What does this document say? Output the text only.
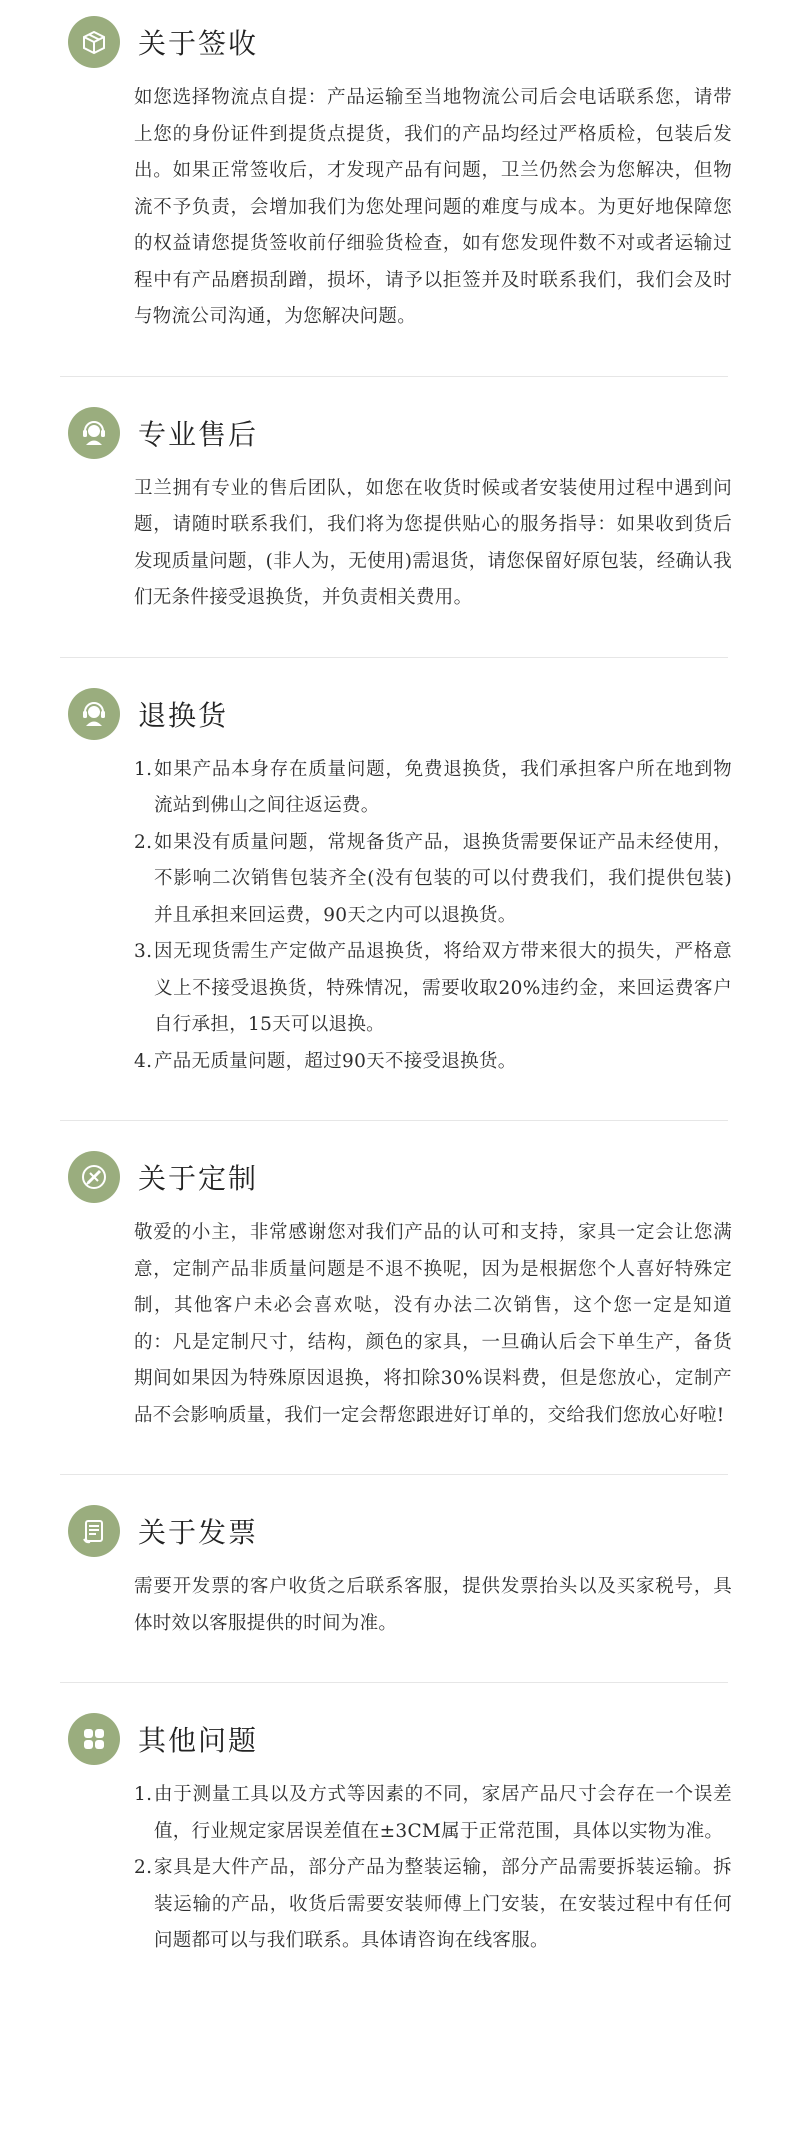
关于签收

如您选择物流点自提：产品运输至当地物流公司后会电话联系您，请带上您的身份证件到提货点提货，我们的产品均经过严格质检，包装后发出。如果正常签收后，才发现产品有问题，卫兰仍然会为您解决，但物流不予负责，会增加我们为您处理问题的难度与成本。为更好地保障您的权益请您提货签收前仔细验货检查，如有您发现件数不对或者运输过程中有产品磨损刮蹭，损坏，请予以拒签并及时联系我们，我们会及时与物流公司沟通，为您解决问题。

专业售后

卫兰拥有专业的售后团队，如您在收货时候或者安装使用过程中遇到问题，请随时联系我们，我们将为您提供贴心的服务指导：如果收到货后发现质量问题，(非人为，无使用)需退货，请您保留好原包装，经确认我们无条件接受退换货，并负责相关费用。

退换货
1. 如果产品本身存在质量问题，免费退换货，我们承担客户所在地到物流站到佛山之间往返运费。
2. 如果没有质量问题，常规备货产品，退换货需要保证产品未经使用，不影响二次销售包装齐全(没有包装的可以付费我们，我们提供包装)并且承担来回运费，90天之内可以退换货。
3. 因无现货需生产定做产品退换货，将给双方带来很大的损失，严格意义上不接受退换货，特殊情况，需要收取20%违约金，来回运费客户自行承担，15天可以退换。
4. 产品无质量问题，超过90天不接受退换货。
关于定制

敬爱的小主，非常感谢您对我们产品的认可和支持，家具一定会让您满意，定制产品非质量问题是不退不换呢，因为是根据您个人喜好特殊定制，其他客户未必会喜欢哒，没有办法二次销售，这个您一定是知道的：凡是定制尺寸，结构，颜色的家具，一旦确认后会下单生产，备货期间如果因为特殊原因退换，将扣除30%误料费，但是您放心，定制产品不会影响质量，我们一定会帮您跟进好订单的，交给我们您放心好啦!

关于发票

需要开发票的客户收货之后联系客服，提供发票抬头以及买家税号，具体时效以客服提供的时间为准。

其他问题
1. 由于测量工具以及方式等因素的不同，家居产品尺寸会存在一个误差值，行业规定家居误差值在±3CM属于正常范围，具体以实物为准。
2. 家具是大件产品，部分产品为整装运输，部分产品需要拆装运输。拆装运输的产品，收货后需要安装师傅上门安装，在安装过程中有任何问题都可以与我们联系。具体请咨询在线客服。
